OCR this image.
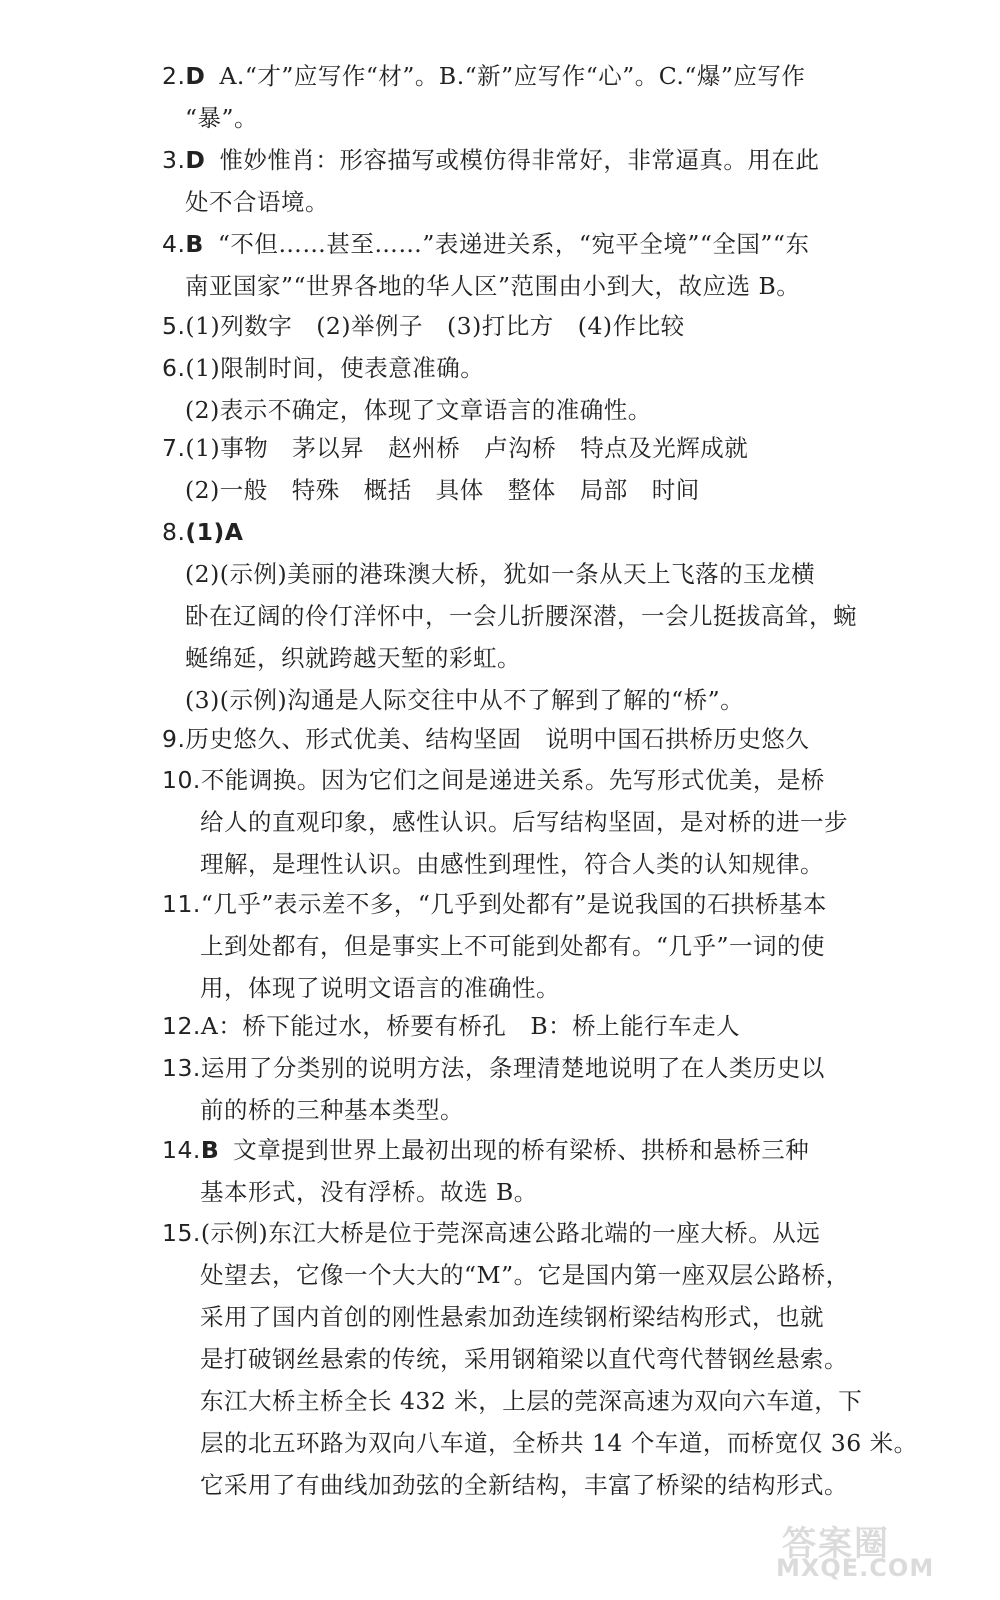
2.D A.“才”应写作“材”。B.“新”应写作“心”。C.“爆”应写作
“暴”。
3.D 惟妙惟肖：形容描写或模仿得非常好，非常逼真。用在此
处不合语境。
4.B “不但……甚至……”表递进关系，“宛平全境”“全国”“东
南亚国家”“世界各地的华人区”范围由小到大，故应选 B。
5.(1)列数字　(2)举例子　(3)打比方　(4)作比较
6.(1)限制时间，使表意准确。
(2)表示不确定，体现了文章语言的准确性。
7.(1)事物　茅以昇　赵州桥　卢沟桥　特点及光辉成就
(2)一般　特殊　概括　具体　整体　局部　时间
8.(1)A
(2)(示例)美丽的港珠澳大桥，犹如一条从天上飞落的玉龙横
卧在辽阔的伶仃洋怀中，一会儿折腰深潜，一会儿挺拔高耸，蜿
蜒绵延，织就跨越天堑的彩虹。
(3)(示例)沟通是人际交往中从不了解到了解的“桥”。
9.历史悠久、形式优美、结构坚固　说明中国石拱桥历史悠久
10.不能调换。因为它们之间是递进关系。先写形式优美，是桥
给人的直观印象，感性认识。后写结构坚固，是对桥的进一步
理解，是理性认识。由感性到理性，符合人类的认知规律。
11.“几乎”表示差不多，“几乎到处都有”是说我国的石拱桥基本
上到处都有，但是事实上不可能到处都有。“几乎”一词的使
用，体现了说明文语言的准确性。
12.A：桥下能过水，桥要有桥孔　B：桥上能行车走人
13.运用了分类别的说明方法，条理清楚地说明了在人类历史以
前的桥的三种基本类型。
14.B 文章提到世界上最初出现的桥有梁桥、拱桥和悬桥三种
基本形式，没有浮桥。故选 B。
15.(示例)东江大桥是位于莞深高速公路北端的一座大桥。从远
处望去，它像一个大大的“M”。它是国内第一座双层公路桥，
采用了国内首创的刚性悬索加劲连续钢桁梁结构形式，也就
是打破钢丝悬索的传统，采用钢箱梁以直代弯代替钢丝悬索。
东江大桥主桥全长 432 米，上层的莞深高速为双向六车道，下
层的北五环路为双向八车道，全桥共 14 个车道，而桥宽仅 36 米。
它采用了有曲线加劲弦的全新结构，丰富了桥梁的结构形式。
答案圈
MXQE.COM
